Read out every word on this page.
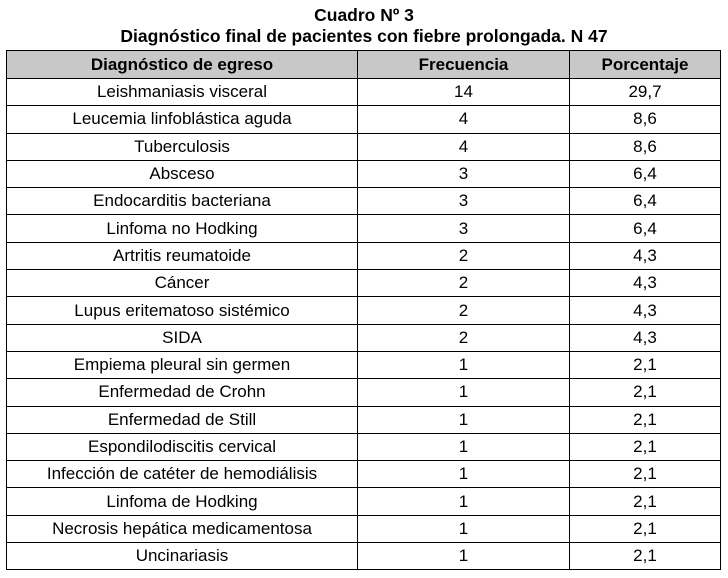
Cuadro Nº 3
Diagnóstico final de pacientes con fiebre prolongada. N 47
Diagnóstico de egreso	Frecuencia	Porcentaje
Leishmaniasis visceral	14	29,7
Leucemia linfoblástica aguda	4	8,6
Tuberculosis	4	8,6
Absceso	3	6,4
Endocarditis bacteriana	3	6,4
Linfoma no Hodking	3	6,4
Artritis reumatoide	2	4,3
Cáncer	2	4,3
Lupus eritematoso sistémico	2	4,3
SIDA	2	4,3
Empiema pleural sin germen	1	2,1
Enfermedad de Crohn	1	2,1
Enfermedad de Still	1	2,1
Espondilodiscitis cervical	1	2,1
Infección de catéter de hemodiálisis	1	2,1
Linfoma de Hodking	1	2,1
Necrosis hepática medicamentosa	1	2,1
Uncinariasis	1	2,1
